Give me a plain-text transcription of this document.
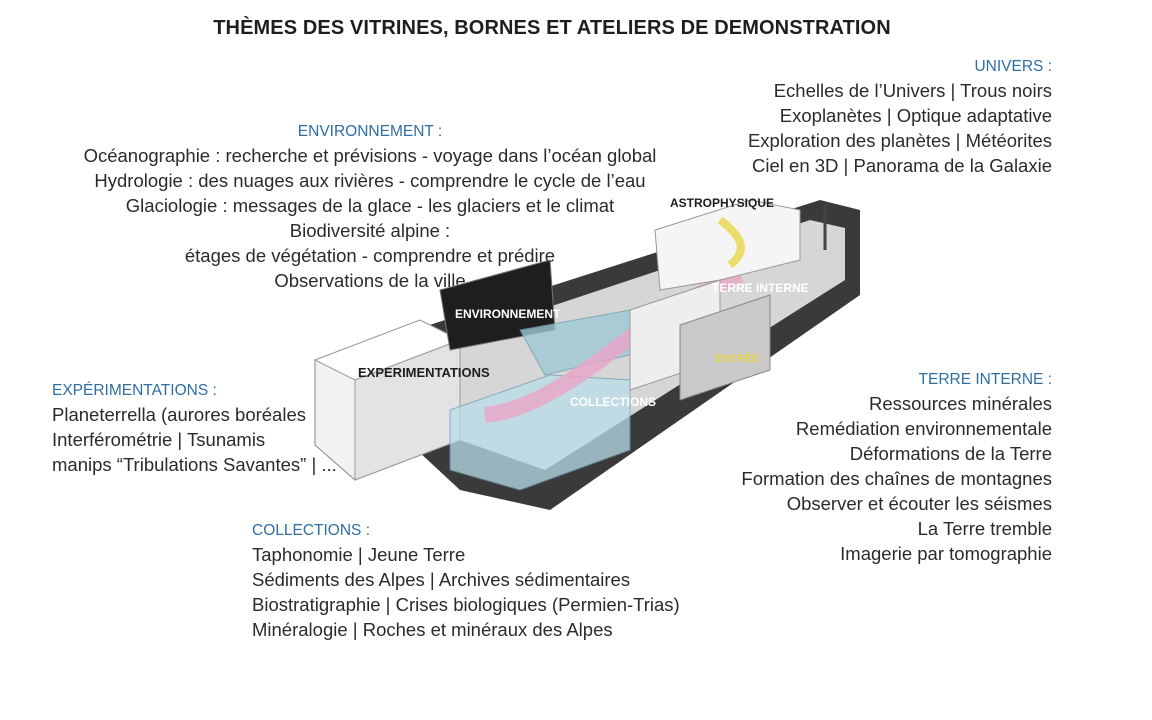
THÈMES DES VITRINES, BORNES ET ATELIERS DE DEMONSTRATION
ENVIRONNEMENT :
Océanographie : recherche et prévisions - voyage dans l’océan global
Hydrologie : des nuages aux rivières - comprendre le cycle de l’eau
Glaciologie : messages de la glace - les glaciers et le climat
Biodiversité alpine :
étages de végétation - comprendre et prédire
Observations de la ville
UNIVERS :
Echelles de l’Univers | Trous noirs
Exoplanètes | Optique adaptative
Exploration des planètes | Météorites
Ciel en 3D | Panorama de la Galaxie
EXPÉRIMENTATIONS :
Planeterrella (aurores boréales
Interférométrie | Tsunamis
manips “Tribulations Savantes” | ...
TERRE INTERNE :
Ressources minérales
Remédiation environnementale
Déformations de la Terre
Formation des chaînes de montagnes
Observer et écouter les séismes
La Terre tremble
Imagerie par tomographie
COLLECTIONS :
Taphonomie | Jeune Terre
Sédiments des Alpes | Archives sédimentaires
Biostratigraphie | Crises biologiques (Permien-Trias)
Minéralogie | Roches et minéraux des Alpes
ASTROPHYSIQUE
TERRE INTERNE
ENVIRONNEMENT
EXPERIMENTATIONS
ENTRÉE
COLLECTIONS
